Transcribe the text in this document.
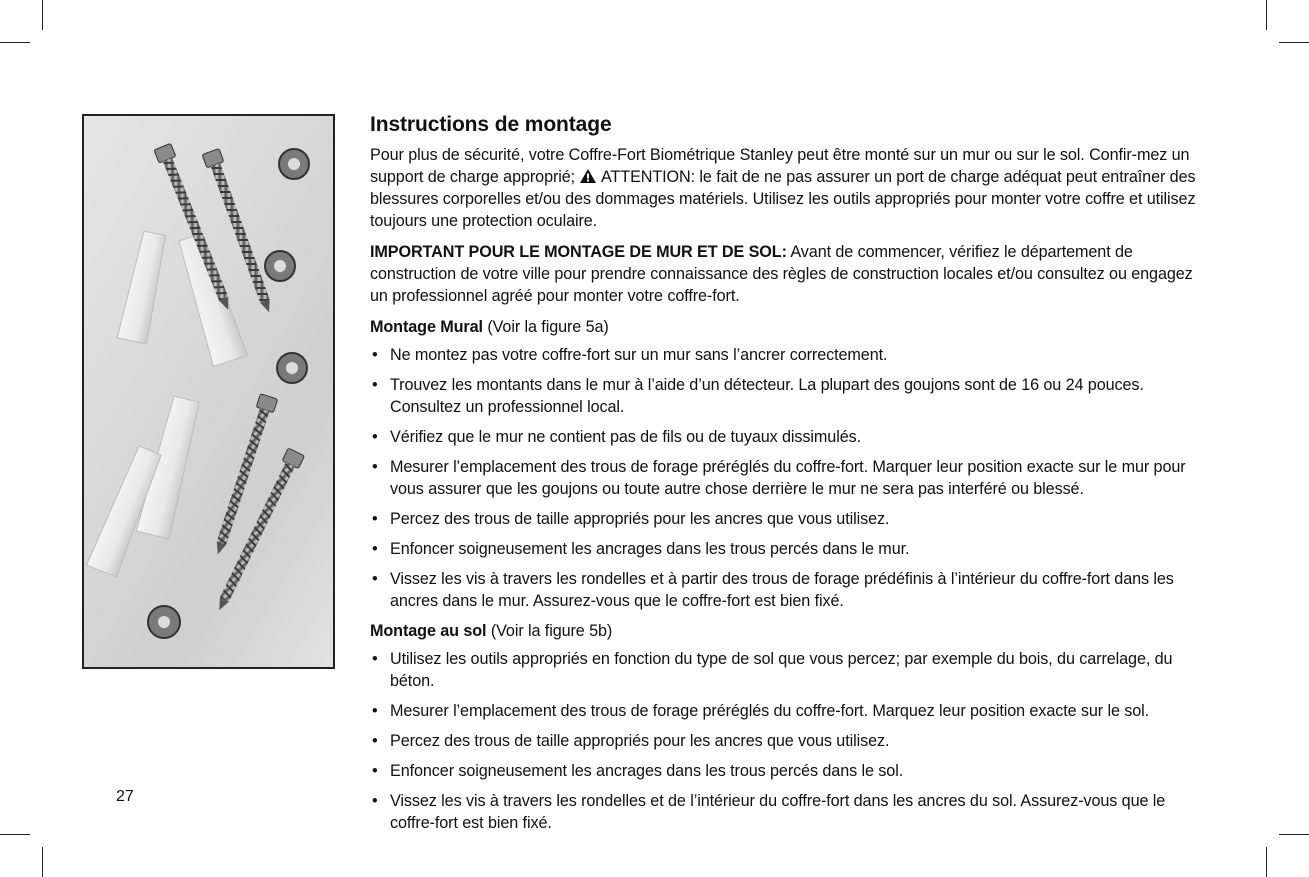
Instructions de montage

Pour plus de sécurité, votre Coffre-Fort Biométrique Stanley peut être monté sur un mur ou sur le sol. Confir-mez un support de charge approprié; ATTENTION: le fait de ne pas assurer un port de charge adéquat peut entraîner des blessures corporelles et/ou des dommages matériels. Utilisez les outils appropriés pour monter votre coffre et utilisez toujours une protection oculaire.

IMPORTANT POUR LE MONTAGE DE MUR ET DE SOL: Avant de commencer, vérifiez le département de construction de votre ville pour prendre connaissance des règles de construction locales et/ou consultez ou engagez un professionnel agréé pour monter votre coffre-fort.

Montage Mural (Voir la figure 5a)

• Ne montez pas votre coffre-fort sur un mur sans l’ancrer correctement.
• Trouvez les montants dans le mur à l’aide d’un détecteur. La plupart des goujons sont de 16 ou 24 pouces. Consultez un professionnel local.
• Vérifiez que le mur ne contient pas de fils ou de tuyaux dissimulés.
• Mesurer l’emplacement des trous de forage préréglés du coffre-fort. Marquer leur position exacte sur le mur pour vous assurer que les goujons ou toute autre chose derrière le mur ne sera pas interféré ou blessé.
• Percez des trous de taille appropriés pour les ancres que vous utilisez.
• Enfoncer soigneusement les ancrages dans les trous percés dans le mur.
• Vissez les vis à travers les rondelles et à partir des trous de forage prédéfinis à l’intérieur du coffre-fort dans les ancres dans le mur. Assurez-vous que le coffre-fort est bien fixé.

Montage au sol (Voir la figure 5b)

• Utilisez les outils appropriés en fonction du type de sol que vous percez; par exemple du bois, du carrelage, du béton.
• Mesurer l’emplacement des trous de forage préréglés du coffre-fort. Marquez leur position exacte sur le sol.
• Percez des trous de taille appropriés pour les ancres que vous utilisez.
• Enfoncer soigneusement les ancrages dans les trous percés dans le sol.
• Vissez les vis à travers les rondelles et de l’intérieur du coffre-fort dans les ancres du sol. Assurez-vous que le coffre-fort est bien fixé.
27
